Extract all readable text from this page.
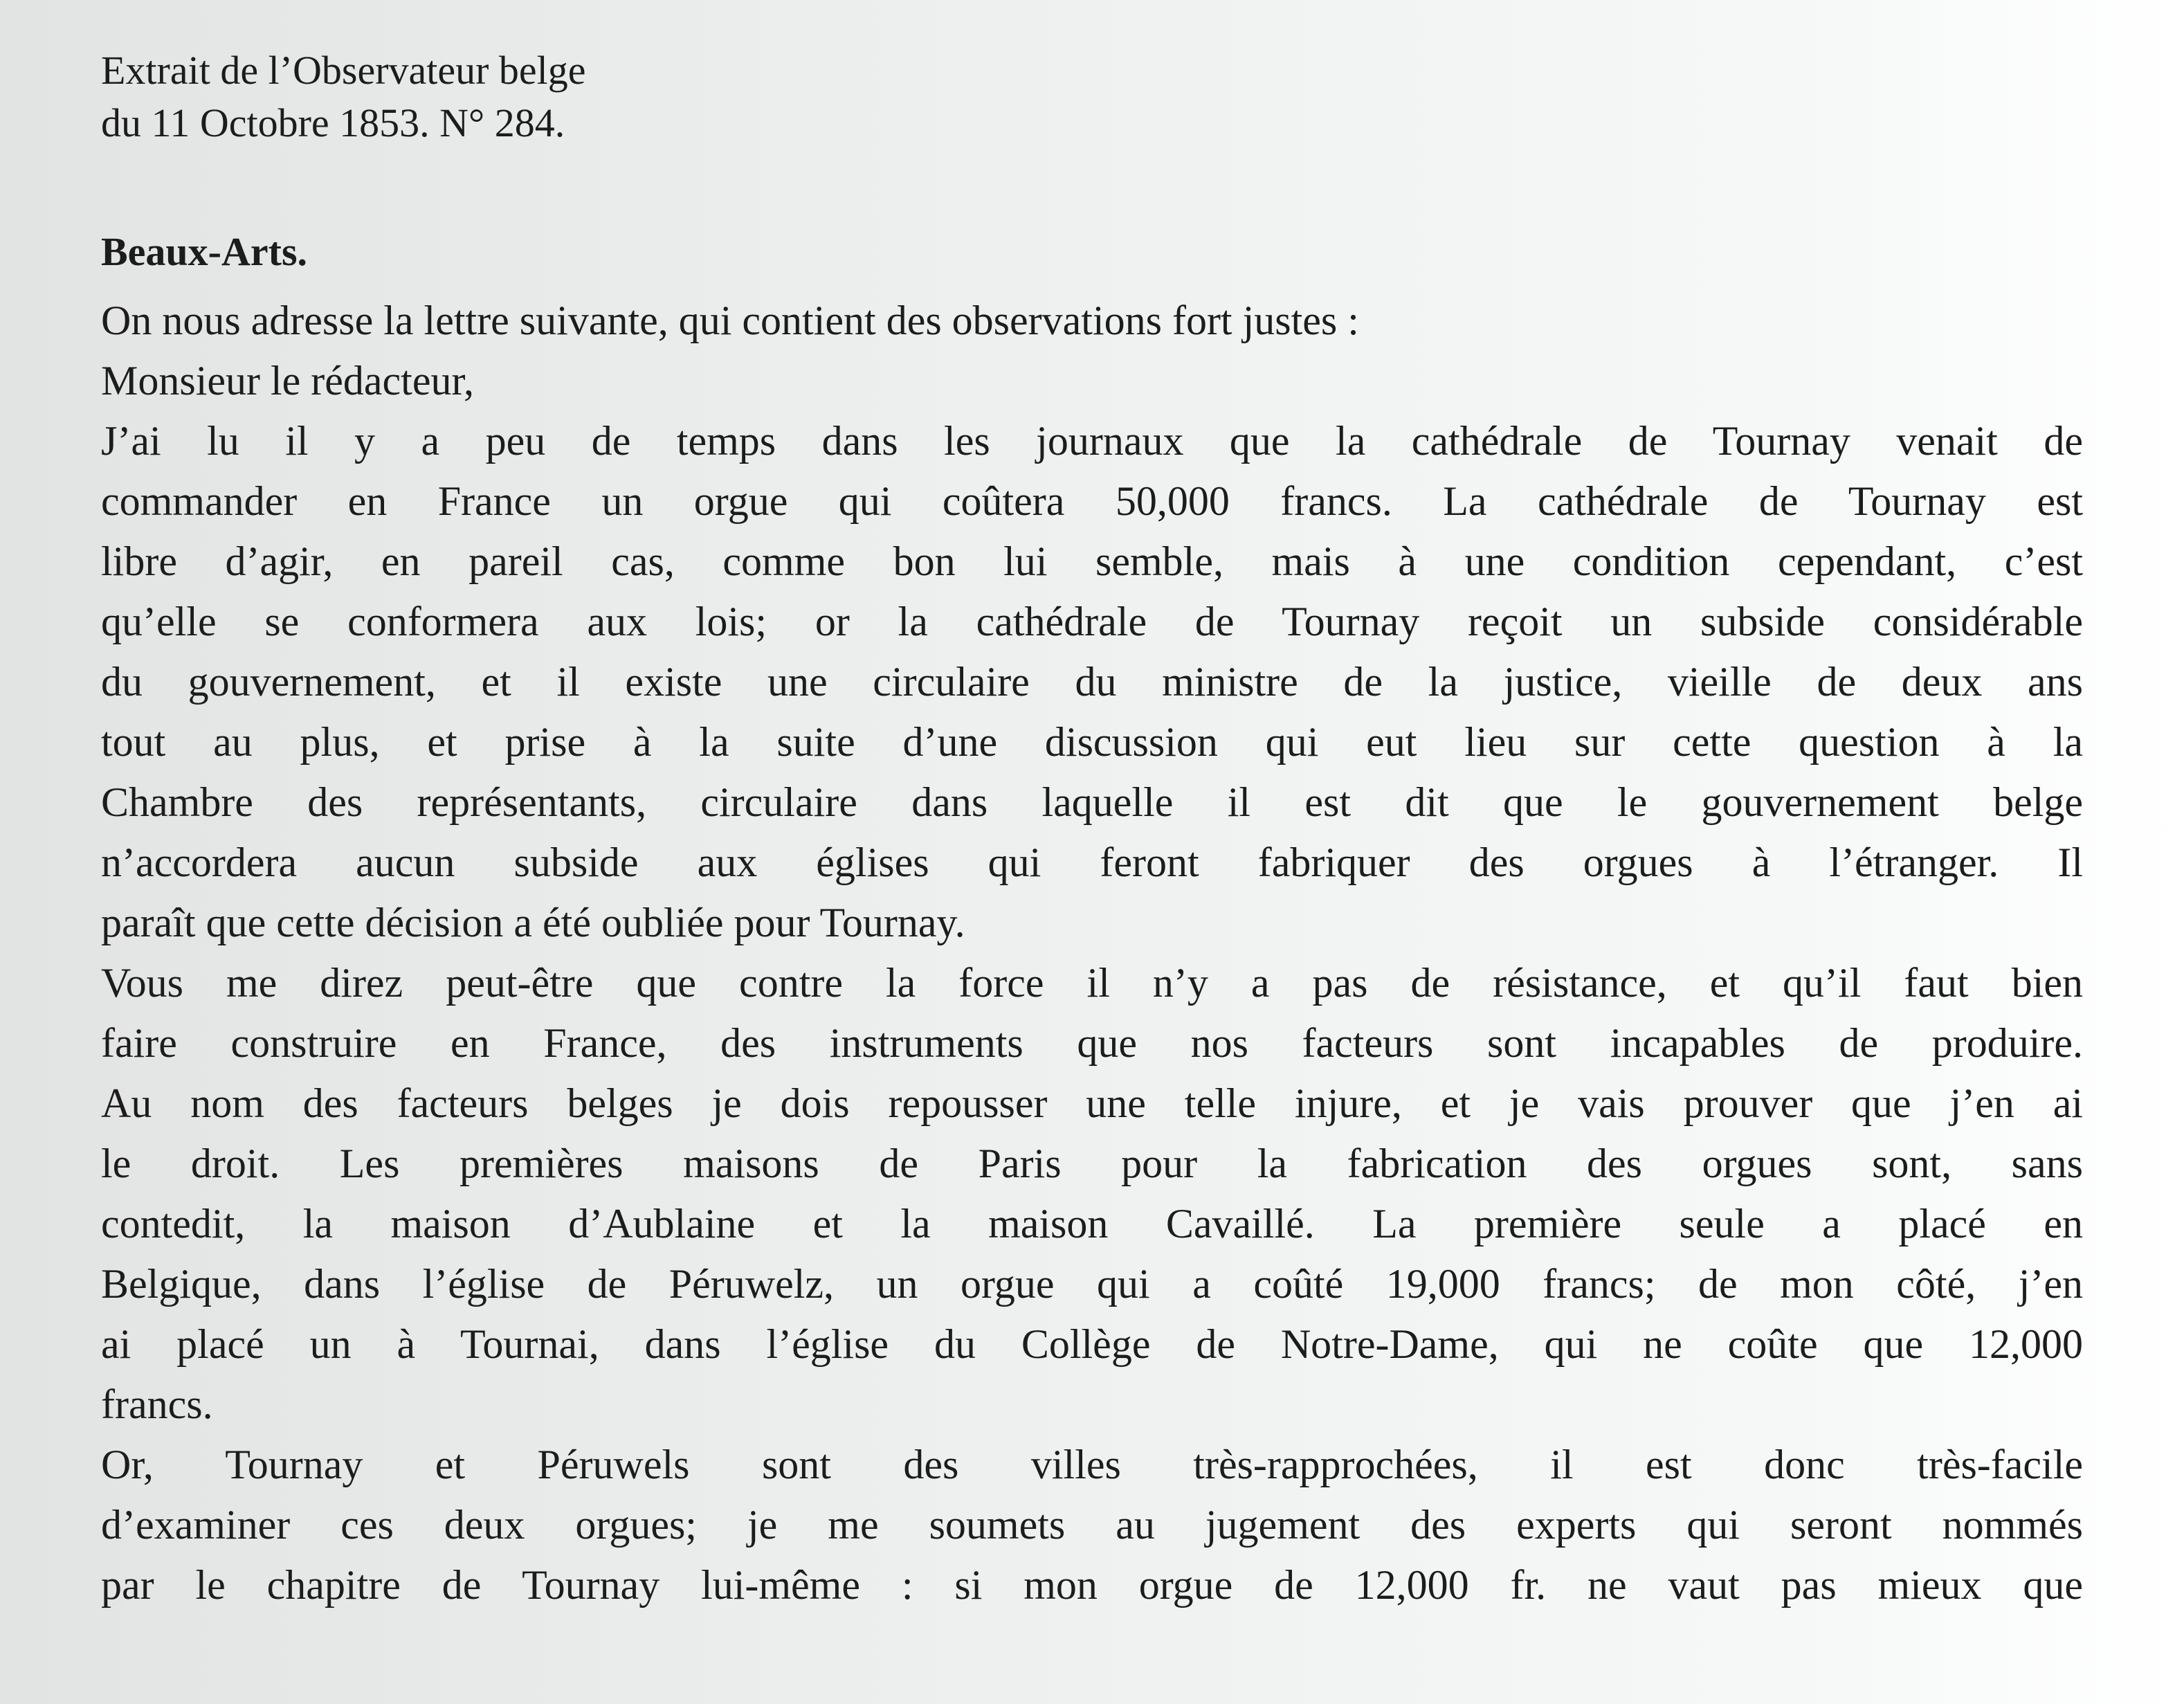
Extrait de l’Observateur belge
du 11 Octobre 1853. N° 284.
Beaux-Arts.
On nous adresse la lettre suivante, qui contient des observations fort justes :
Monsieur le rédacteur,
J’ai lu il y a peu de temps dans les journaux que la cathédrale de Tournay venait de
commander en France un orgue qui coûtera 50,000 francs. La cathédrale de Tournay est
libre d’agir, en pareil cas, comme bon lui semble, mais à une condition cependant, c’est
qu’elle se conformera aux lois; or la cathédrale de Tournay reçoit un subside considérable
du gouvernement, et il existe une circulaire du ministre de la justice, vieille de deux ans
tout au plus, et prise à la suite d’une discussion qui eut lieu sur cette question à la
Chambre des représentants, circulaire dans laquelle il est dit que le gouvernement belge
n’accordera aucun subside aux églises qui feront fabriquer des orgues à l’étranger. Il
paraît que cette décision a été oubliée pour Tournay.
Vous me direz peut-être que contre la force il n’y a pas de résistance, et qu’il faut bien
faire construire en France, des instruments que nos facteurs sont incapables de produire.
Au nom des facteurs belges je dois repousser une telle injure, et je vais prouver que j’en ai
le droit. Les premières maisons de Paris pour la fabrication des orgues sont, sans
contedit, la maison d’Aublaine et la maison Cavaillé. La première seule a placé en
Belgique, dans l’église de Péruwelz, un orgue qui a coûté 19,000 francs; de mon côté, j’en
ai placé un à Tournai, dans l’église du Collège de Notre-Dame, qui ne coûte que 12,000
francs.
Or, Tournay et Péruwels sont des villes très-rapprochées, il est donc très-facile
d’examiner ces deux orgues; je me soumets au jugement des experts qui seront nommés
par le chapitre de Tournay lui-même : si mon orgue de 12,000 fr. ne vaut pas mieux que
